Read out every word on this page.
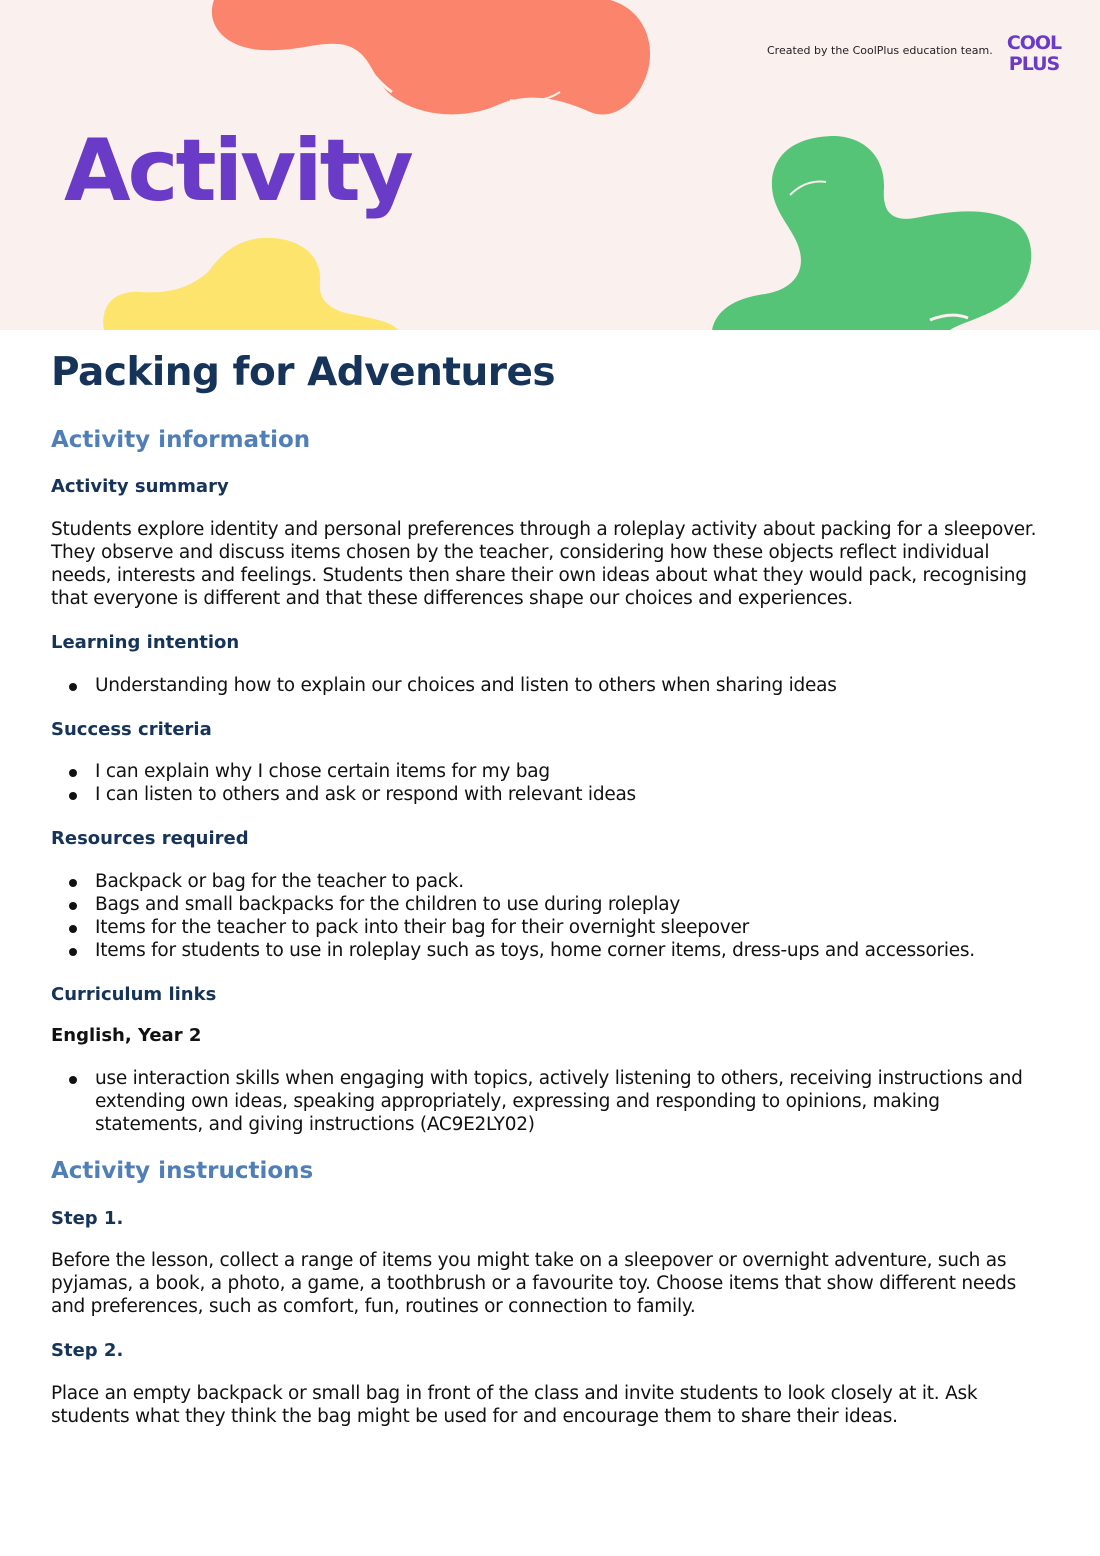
Created by the CoolPlus education team. COOL
PLUS
Activity
Packing for Adventures
Activity information
Activity summary

Students explore identity and personal preferences through a roleplay activity about packing for a sleepover. They observe and discuss items chosen by the teacher, considering how these objects reflect individual needs, interests and feelings. Students then share their own ideas about what they would pack, recognising that everyone is different and that these differences shape our choices and experiences.

Learning intention
Understanding how to explain our choices and listen to others when sharing ideas
Success criteria
I can explain why I chose certain items for my bag
I can listen to others and ask or respond with relevant ideas
Resources required
Backpack or bag for the teacher to pack.
Bags and small backpacks for the children to use during roleplay
Items for the teacher to pack into their bag for their overnight sleepover
Items for students to use in roleplay such as toys, home corner items, dress-ups and accessories.
Curriculum links
English, Year 2
use interaction skills when engaging with topics, actively listening to others, receiving instructions and extending own ideas, speaking appropriately, expressing and responding to opinions, making statements, and giving instructions (AC9E2LY02)
Activity instructions
Step 1.

Before the lesson, collect a range of items you might take on a sleepover or overnight adventure, such as pyjamas, a book, a photo, a game, a toothbrush or a favourite toy. Choose items that show different needs and preferences, such as comfort, fun, routines or connection to family.

Step 2.

Place an empty backpack or small bag in front of the class and invite students to look closely at it. Ask students what they think the bag might be used for and encourage them to share their ideas.
